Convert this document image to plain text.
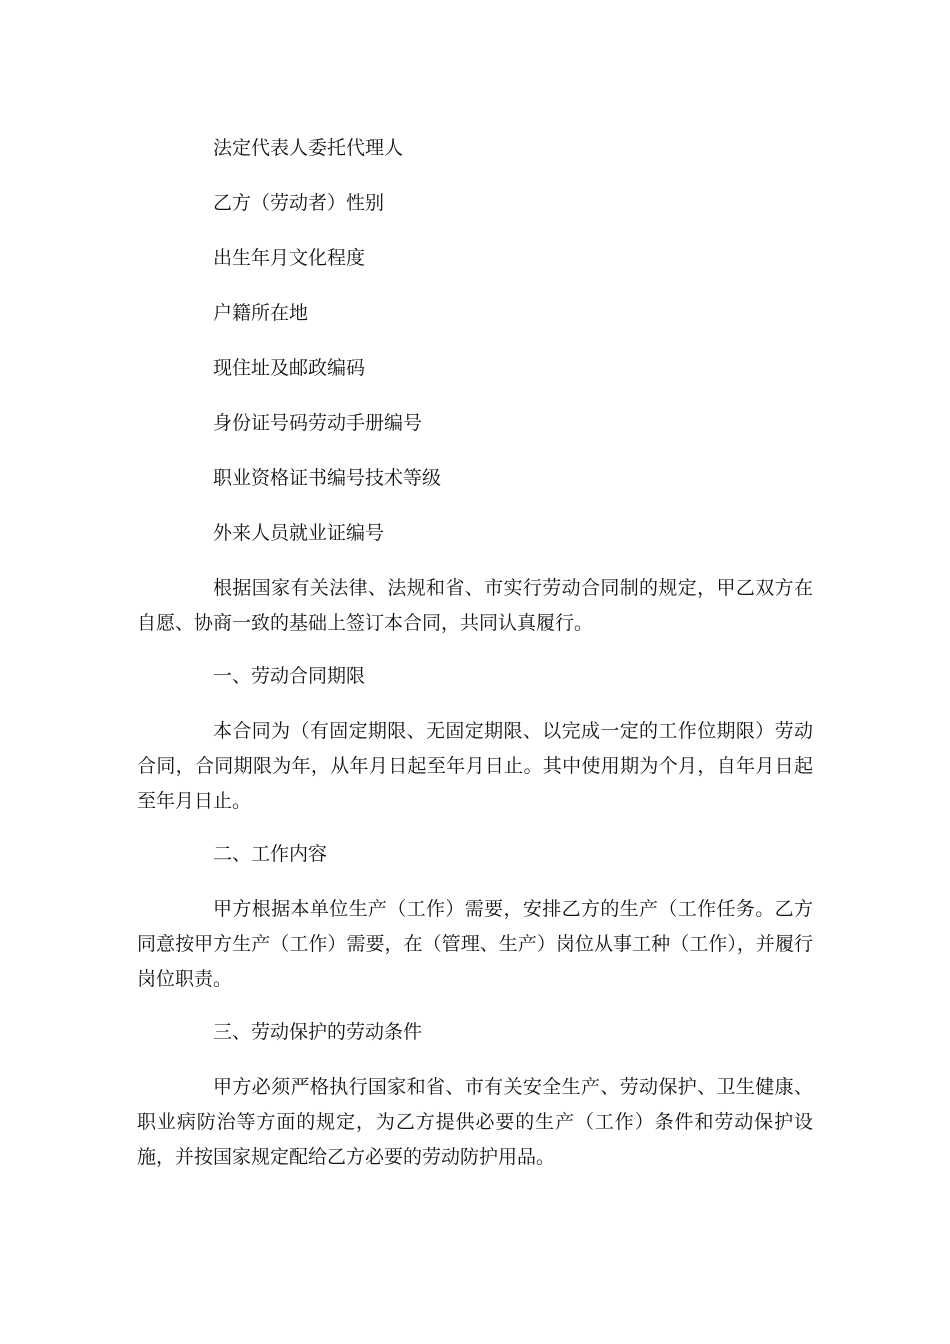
法定代表人委托代理人

乙方（劳动者）性别

出生年月文化程度

户籍所在地

现住址及邮政编码

身份证号码劳动手册编号

职业资格证书编号技术等级

外来人员就业证编号

根据国家有关法律、法规和省、市实行劳动合同制的规定，甲乙双方在自愿、协商一致的基础上签订本合同，共同认真履行。

一、劳动合同期限

本合同为（有固定期限、无固定期限、以完成一定的工作位期限）劳动合同，合同期限为年，从年月日起至年月日止。其中使用期为个月，自年月日起至年月日止。

二、工作内容

甲方根据本单位生产（工作）需要，安排乙方的生产（工作任务。乙方同意按甲方生产（工作）需要，在（管理、生产）岗位从事工种（工作），并履行岗位职责。

三、劳动保护的劳动条件

甲方必须严格执行国家和省、市有关安全生产、劳动保护、卫生健康、职业病防治等方面的规定，为乙方提供必要的生产（工作）条件和劳动保护设施，并按国家规定配给乙方必要的劳动防护用品。
